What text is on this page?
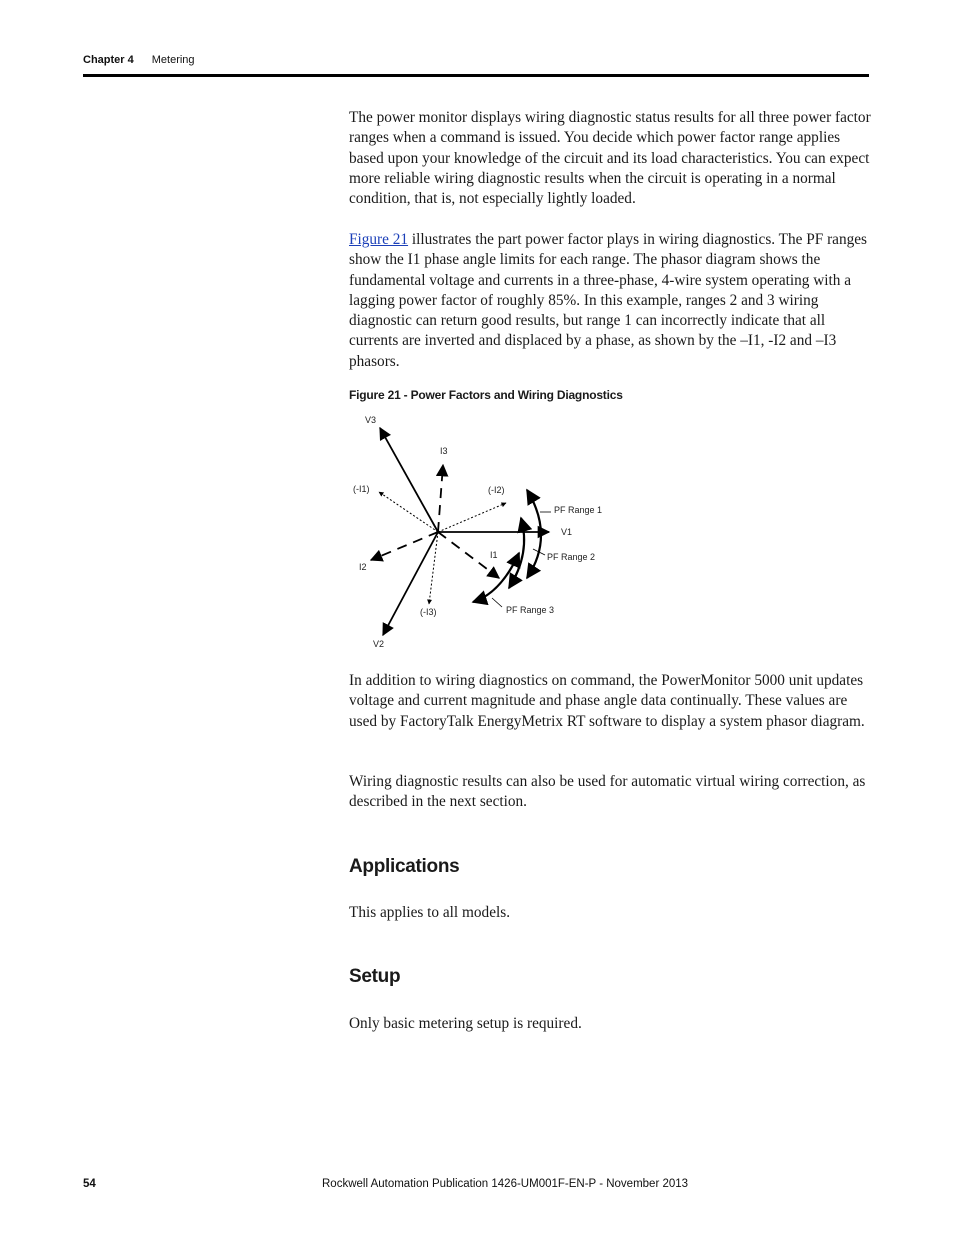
Chapter 4 Metering

The power monitor displays wiring diagnostic status results for all three power factor ranges when a command is issued. You decide which power factor range applies based upon your knowledge of the circuit and its load characteristics. You can expect more reliable wiring diagnostic results when the circuit is operating in a normal condition, that is, not especially lightly loaded.

Figure 21 illustrates the part power factor plays in wiring diagnostics. The PF ranges show the I1 phase angle limits for each range. The phasor diagram shows the fundamental voltage and currents in a three-phase, 4-wire system operating with a lagging power factor of roughly 85%. In this example, ranges 2 and 3 wiring diagnostic can return good results, but range 1 can incorrectly indicate that all currents are inverted and displaced by a phase, as shown by the –I1, -I2 and –I3 phasors.

Figure 21 - Power Factors and Wiring Diagnostics
V3
I3
(-I1)	(-I2)
PF Range 1
V1
I1	PF Range 2
I2
PF Range 3
(-I3)
V2

In addition to wiring diagnostics on command, the PowerMonitor 5000 unit updates voltage and current magnitude and phase angle data continually. These values are used by FactoryTalk EnergyMetrix RT software to display a system phasor diagram.

Wiring diagnostic results can also be used for automatic virtual wiring correction, as described in the next section.

Applications

This applies to all models.

Setup

Only basic metering setup is required.

54	Rockwell Automation Publication 1426-UM001F-EN-P - November 2013
